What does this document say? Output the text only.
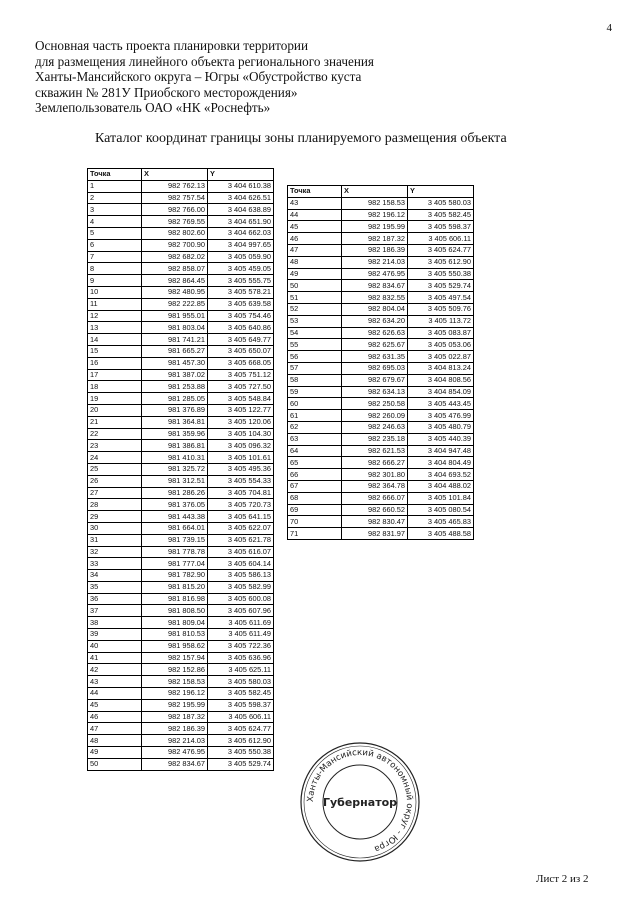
4
Основная часть проекта планировки территории
для размещения линейного объекта регионального значения
Ханты-Мансийского округа – Югры «Обустройство куста
скважин № 281У Приобского месторождения»
Землепользователь ОАО «НК «Роснефть»
Каталог координат границы зоны планируемого размещения объекта
Точка	X	Y
1	982 762.13	3 404 610.38
2	982 757.54	3 404 626.51
3	982 766.00	3 404 638.89
4	982 769.55	3 404 651.90
5	982 802.60	3 404 662.03
6	982 700.90	3 404 997.65
7	982 682.02	3 405 059.90
8	982 858.07	3 405 459.05
9	982 864.45	3 405 555.75
10	982 480.95	3 405 578.21
11	982 222.85	3 405 639.58
12	981 955.01	3 405 754.46
13	981 803.04	3 405 640.86
14	981 741.21	3 405 649.77
15	981 665.27	3 405 650.07
16	981 457.30	3 405 668.05
17	981 387.02	3 405 751.12
18	981 253.88	3 405 727.50
19	981 285.05	3 405 548.84
20	981 376.89	3 405 122.77
21	981 364.81	3 405 120.06
22	981 359.96	3 405 104.30
23	981 386.81	3 405 096.32
24	981 410.31	3 405 101.61
25	981 325.72	3 405 495.36
26	981 312.51	3 405 554.33
27	981 286.26	3 405 704.81
28	981 376.05	3 405 720.73
29	981 443.38	3 405 641.15
30	981 664.01	3 405 622.07
31	981 739.15	3 405 621.78
32	981 778.78	3 405 616.07
33	981 777.04	3 405 604.14
34	981 782.90	3 405 586.13
35	981 815.20	3 405 582.99
36	981 816.98	3 405 600.08
37	981 808.50	3 405 607.96
38	981 809.04	3 405 611.69
39	981 810.53	3 405 611.49
40	981 958.62	3 405 722.36
41	982 157.94	3 405 636.96
42	982 152.86	3 405 625.11
43	982 158.53	3 405 580.03
44	982 196.12	3 405 582.45
45	982 195.99	3 405 598.37
46	982 187.32	3 405 606.11
47	982 186.39	3 405 624.77
48	982 214.03	3 405 612.90
49	982 476.95	3 405 550.38
50	982 834.67	3 405 529.74
Точка	X	Y
43	982 158.53	3 405 580.03
44	982 196.12	3 405 582.45
45	982 195.99	3 405 598.37
46	982 187.32	3 405 606.11
47	982 186.39	3 405 624.77
48	982 214.03	3 405 612.90
49	982 476.95	3 405 550.38
50	982 834.67	3 405 529.74
51	982 832.55	3 405 497.54
52	982 804.04	3 405 509.76
53	982 634.20	3 405 113.72
54	982 626.63	3 405 083.87
55	982 625.67	3 405 053.06
56	982 631.35	3 405 022.87
57	982 695.03	3 404 813.24
58	982 679.67	3 404 808.56
59	982 634.13	3 404 854.09
60	982 250.58	3 405 443.45
61	982 260.09	3 405 476.99
62	982 246.63	3 405 480.79
63	982 235.18	3 405 440.39
64	982 621.53	3 404 947.48
65	982 666.27	3 404 804.49
66	982 301.80	3 404 693.52
67	982 364.78	3 404 488.02
68	982 666.07	3 405 101.84
69	982 660.52	3 405 080.54
70	982 830.47	3 405 465.83
71	982 831.97	3 405 488.58
Ханты-Мансийский автономный округ - Югра
Губернатор
Лист 2 из 2
